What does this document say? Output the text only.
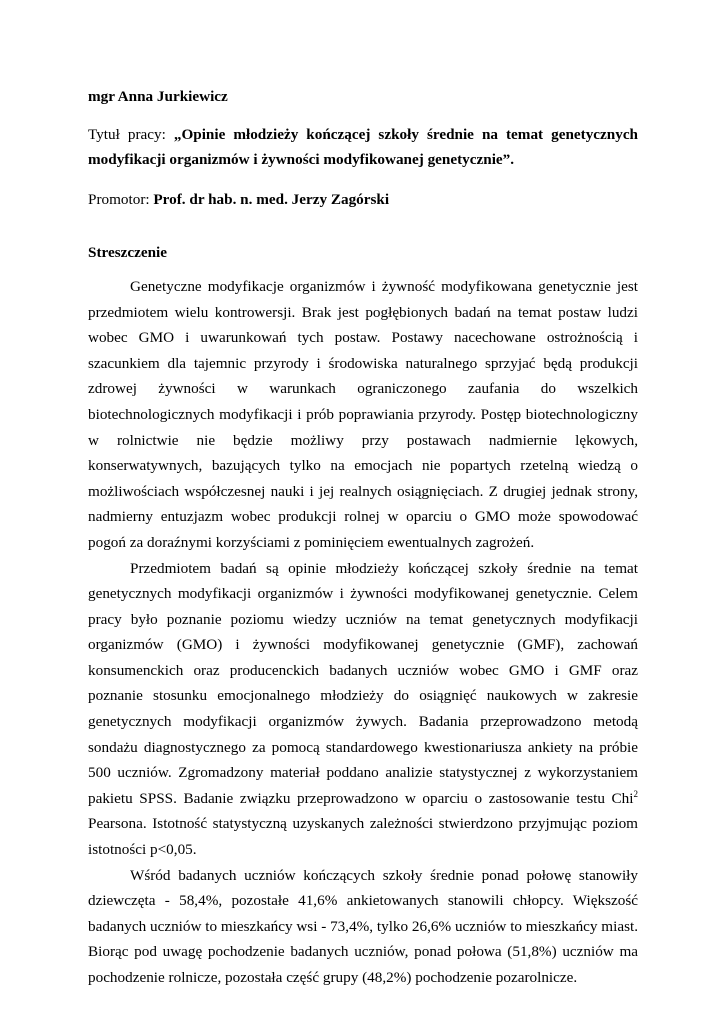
mgr Anna Jurkiewicz

Tytuł pracy: „Opinie młodzieży kończącej szkoły średnie na temat genetycznych modyfikacji organizmów i żywności modyfikowanej genetycznie”.

Promotor: Prof. dr hab. n. med. Jerzy Zagórski

Streszczenie

Genetyczne modyfikacje organizmów i żywność modyfikowana genetycznie jest przedmiotem wielu kontrowersji. Brak jest pogłębionych badań na temat postaw ludzi wobec GMO i uwarunkowań tych postaw. Postawy nacechowane ostrożnością i szacunkiem dla tajemnic przyrody i środowiska naturalnego sprzyjać będą produkcji zdrowej żywności w warunkach ograniczonego zaufania do wszelkich biotechnologicznych modyfikacji i prób poprawiania przyrody. Postęp biotechnologiczny w rolnictwie nie będzie możliwy przy postawach nadmiernie lękowych, konserwatywnych, bazujących tylko na emocjach nie popartych rzetelną wiedzą o możliwościach współczesnej nauki i jej realnych osiągnięciach. Z drugiej jednak strony, nadmierny entuzjazm wobec produkcji rolnej w oparciu o GMO może spowodować pogoń za doraźnymi korzyściami z pominięciem ewentualnych zagrożeń.

Przedmiotem badań są opinie młodzieży kończącej szkoły średnie na temat genetycznych modyfikacji organizmów i żywności modyfikowanej genetycznie. Celem pracy było poznanie poziomu wiedzy uczniów na temat genetycznych modyfikacji organizmów (GMO) i żywności modyfikowanej genetycznie (GMF), zachowań konsumenckich oraz producenckich badanych uczniów wobec GMO i GMF oraz poznanie stosunku emocjonalnego młodzieży do osiągnięć naukowych w zakresie genetycznych modyfikacji organizmów żywych. Badania przeprowadzono metodą sondażu diagnostycznego za pomocą standardowego kwestionariusza ankiety na próbie 500 uczniów. Zgromadzony materiał poddano analizie statystycznej z wykorzystaniem pakietu SPSS. Badanie związku przeprowadzono w oparciu o zastosowanie testu Chi$^2$ Pearsona. Istotność statystyczną uzyskanych zależności stwierdzono przyjmując poziom istotności p<0,05.

Wśród badanych uczniów kończących szkoły średnie ponad połowę stanowiły dziewczęta - 58,4%, pozostałe 41,6% ankietowanych stanowili chłopcy. Większość badanych uczniów to mieszkańcy wsi - 73,4%, tylko 26,6% uczniów to mieszkańcy miast. Biorąc pod uwagę pochodzenie badanych uczniów, ponad połowa (51,8%) uczniów ma pochodzenie rolnicze, pozostała część grupy (48,2%) pochodzenie pozarolnicze.
